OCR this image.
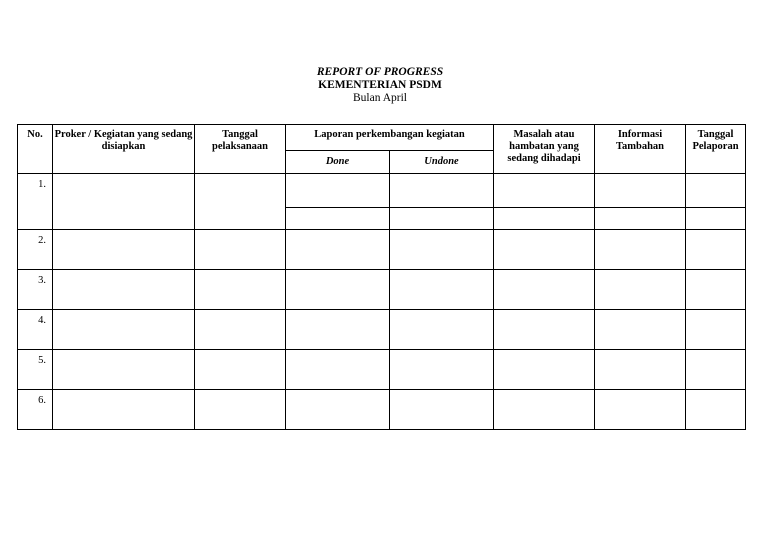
REPORT OF PROGRESS
KEMENTERIAN PSDM
Bulan April
No.	Proker / Kegiatan yang sedang disiapkan	Tanggal pelaksanaan	Laporan perkembangan kegiatan		Masalah atau hambatan yang sedang dihadapi	Informasi Tambahan	Tanggal Pelaporan
			Done	Undone			
1.							

2.							
3.							
4.							
5.							
6.							
